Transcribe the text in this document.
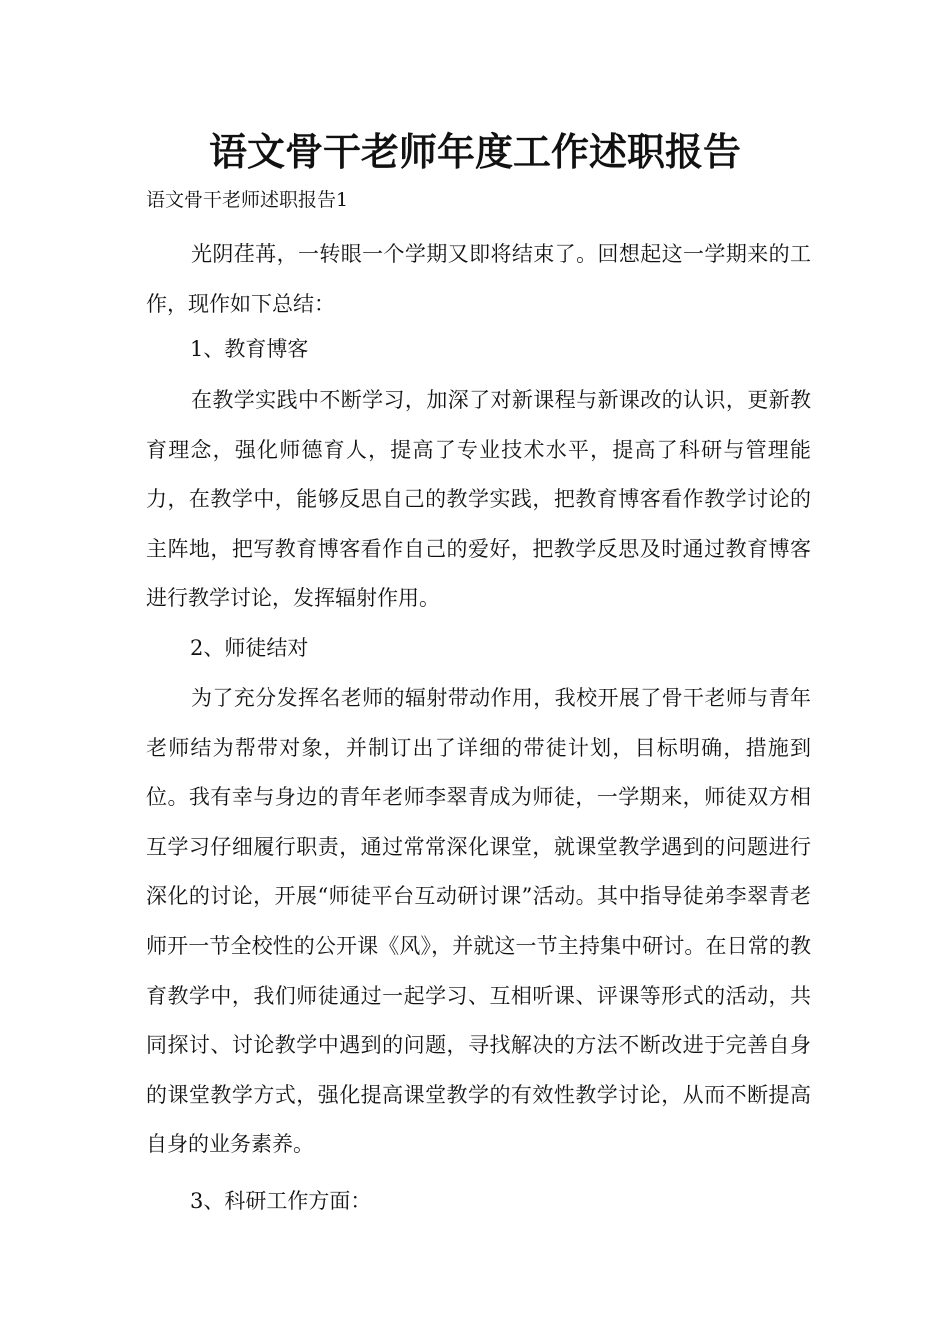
语文骨干老师年度工作述职报告

语文骨干老师述职报告1

光阴荏苒，一转眼一个学期又即将结束了。回想起这一学期来的工作，现作如下总结：

1、教育博客

在教学实践中不断学习，加深了对新课程与新课改的认识，更新教育理念，强化师德育人，提高了专业技术水平，提高了科研与管理能力，在教学中，能够反思自己的教学实践，把教育博客看作教学讨论的主阵地，把写教育博客看作自己的爱好，把教学反思及时通过教育博客进行教学讨论，发挥辐射作用。

2、师徒结对

为了充分发挥名老师的辐射带动作用，我校开展了骨干老师与青年老师结为帮带对象，并制订出了详细的带徒计划，目标明确，措施到位。我有幸与身边的青年老师李翠青成为师徒，一学期来，师徒双方相互学习仔细履行职责，通过常常深化课堂，就课堂教学遇到的问题进行深化的讨论，开展“师徒平台互动研讨课”活动。其中指导徒弟李翠青老师开一节全校性的公开课《风》，并就这一节主持集中研讨。在日常的教育教学中，我们师徒通过一起学习、互相听课、评课等形式的活动，共同探讨、讨论教学中遇到的问题，寻找解决的方法不断改进于完善自身的课堂教学方式，强化提高课堂教学的有效性教学讨论，从而不断提高自身的业务素养。

3、科研工作方面：
